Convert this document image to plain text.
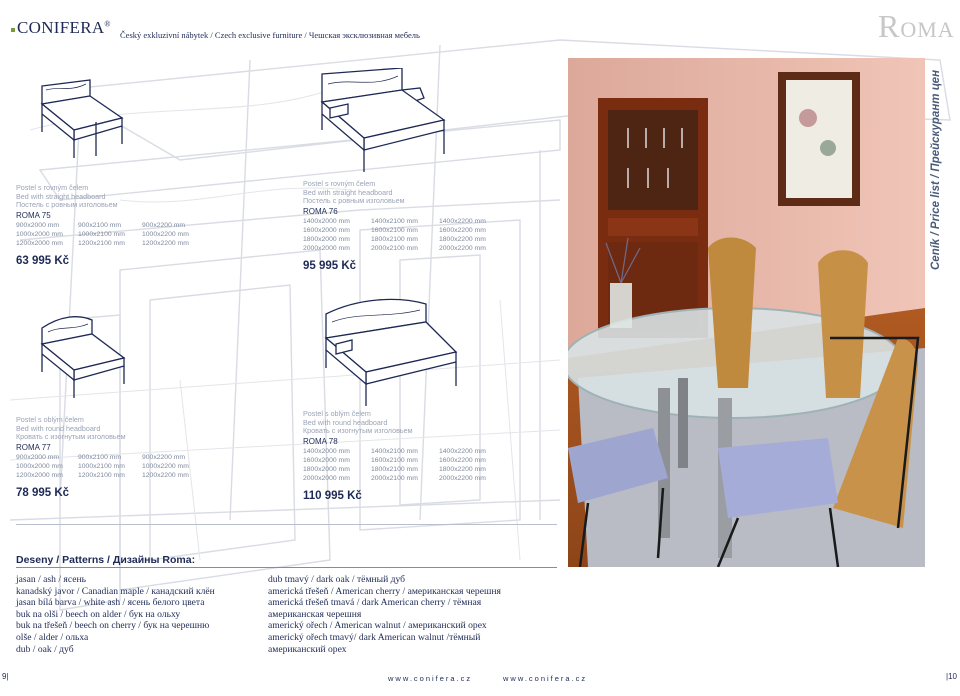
CONIFERA®
Český exkluzivní nábytek / Czech exclusive furniture / Чешская эксклюзивная мебель	ROMA
Ceník / Price list / Прейскурант цен
Postel s rovným čelem
Bed with straight headboard
Постель с ровным изголовьем
ROMA 75
900x2000 mm	900x2100 mm	900x2200 mm
1000x2000 mm	1000x2100 mm	1000x2200 mm
1200x2000 mm	1200x2100 mm	1200x2200 mm
63 995 Kč
Postel s rovným čelem
Bed with straight headboard
Постель с ровным изголовьем
ROMA 76
1400x2000 mm	1400x2100 mm	1400x2200 mm
1600x2000 mm	1600x2100 mm	1600x2200 mm
1800x2000 mm	1800x2100 mm	1800x2200 mm
2000x2000 mm	2000x2100 mm	2000x2200 mm
95 995 Kč
Postel s oblým čelem
Bed with round headboard
Кровать с изогнутым изголовьем
ROMA 77
900x2000 mm	900x2100 mm	900x2200 mm
1000x2000 mm	1000x2100 mm	1000x2200 mm
1200x2000 mm	1200x2100 mm	1200x2200 mm
78 995 Kč
Postel s oblým čelem
Bed with round headboard
Кровать с изогнутым изголовьем
ROMA 78
1400x2000 mm	1400x2100 mm	1400x2200 mm
1600x2000 mm	1600x2100 mm	1600x2200 mm
1800x2000 mm	1800x2100 mm	1800x2200 mm
2000x2000 mm	2000x2100 mm	2000x2200 mm
110 995 Kč
Deseny / Patterns / Дизайны Roma:
jasan / ash / ясень
kanadský javor / Canadian maple / канадский клён
jasan bílá barva / white ash / ясень белого цвета
buk na olši / beech on alder / бук на ольху
buk na třešeň / beech on cherry / бук на черешню
olše / alder / ольха
dub / oak / дуб
dub tmavý / dark oak / тёмный дуб
americká třešeň / American cherry / американская черешня
americká třešeň tmavá / dark American cherry / тёмная
американская черешня
americký ořech / American walnut / американский орех
americký ořech tmavý/ dark American walnut /тёмный
американский орех
9|	www.conifera.cz	www.conifera.cz	|10
